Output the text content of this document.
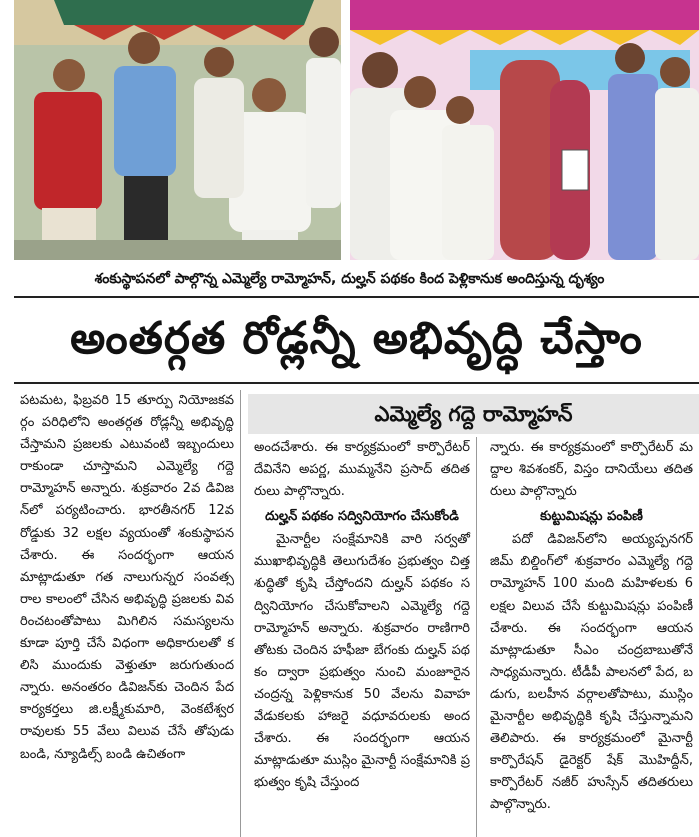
శంకుస్థాపనలో పాల్గొన్న ఎమ్మెల్యే రామ్మోహన్, దుల్హన్ పథకం కింద పెళ్లికానుక అందిస్తున్న దృశ్యం
అంతర్గత రోడ్లన్నీ అభివృద్ధి చేస్తాం

పటమట, ఫిబ్రవరి 15 తూర్పు నియోజకవర్గం పరిధిలోని అంతర్గత రోడ్లన్నీ అభివృద్ధి చేస్తామని ప్రజలకు ఎటువంటి ఇబ్బందులు రాకుండా చూస్తామని ఎమ్మెల్యే గద్దె రామ్మోహన్ అన్నారు. శుక్రవారం 2వ డివిజన్‌లో పర్యటించారు. భారతీనగర్ 12వ రోడ్డుకు 32 లక్షల వ్యయంతో శంకుస్థాపన చేశారు. ఈ సందర్భంగా ఆయన మాట్లాడుతూ గత నాలుగున్నర సంవత్సరాల కాలంలో చేసిన అభివృద్ధి ప్రజలకు వివరించటంతోపాటు మిగిలిన సమస్యలను కూడా పూర్తి చేసే విధంగా అధికారులతో కలిసి ముందుకు వెళ్తుతూ జరుగుతుందన్నారు. అనంతరం డివిజన్‌కు చెందిన పేద కార్యకర్తలు జి.లక్ష్మీకుమారి, వెంకటేశ్వరరావులకు 55 వేలు విలువ చేసే తోపుడు బండి, న్యూడిల్స్ బండి ఉచితంగా

ఎమ్మెల్యే గద్దె రామ్మోహన్

అందచేశారు. ఈ కార్యక్రమంలో కార్పొరేటర్ దేవినేని అపర్ణ, ముమ్మనేని ప్రసాద్ తదితరులు పాల్గొన్నారు.

దుల్హన్ పథకం సద్వినియోగం చేసుకోండి

మైనార్టీల సంక్షేమానికి వారి సర్వతో ముఖాభివృద్ధికి తెలుగుదేశం ప్రభుత్వం చిత్తశుద్ధితో కృషి చేస్తోందని దుల్హన్ పథకం సద్వినియోగం చేసుకోవాలని ఎమ్మెల్యే గద్దె రామ్మోహన్ అన్నారు. శుక్రవారం రాణిగారి తోటకు చెందిన హఫీజా బేగంకు దుల్హన్ పథకం ద్వారా ప్రభుత్వం నుంచి మంజూరైన చంద్రన్న పెళ్లికానుక 50 వేలను వివాహ వేడుకలకు హాజరై వధూవరులకు అందచేశారు. ఈ సందర్భంగా ఆయన మాట్లాడుతూ ముస్లిం మైనార్టీ సంక్షేమానికి ప్రభుత్వం కృషి చేస్తుంద

న్నారు. ఈ కార్యక్రమంలో కార్పొరేటర్ మద్దాల శివశంకర్, విస్తం దానియేలు తదితరులు పాల్గొన్నారు

కుట్టుమిషన్లు పంపిణీ

పదో డివిజన్‌లోని అయ్యప్పనగర్ జిమ్ బిల్డింగ్‌లో శుక్రవారం ఎమ్మెల్యే గద్దె రామ్మోహన్ 100 మంది మహిళలకు 6 లక్షల విలువ చేసే కుట్టుమిషన్లు పంపిణీ చేశారు. ఈ సందర్భంగా ఆయన మాట్లాడుతూ సీఎం చంద్రబాబుతోనే సాధ్యమన్నారు. టీడీపీ పాలనలో పేద, బడుగు, బలహీన వర్గాలతోపాటు, ముస్లిం మైనార్టీల అభివృద్ధికి కృషి చేస్తున్నామని తెలిపారు. ఈ కార్యక్రమంలో మైనార్టీ కార్పొరేషన్ డైరెక్టర్ షేక్ మొహిద్దీన్, కార్పొరేటర్ నజీర్ హుస్సేన్ తదితరులు పాల్గొన్నారు.
